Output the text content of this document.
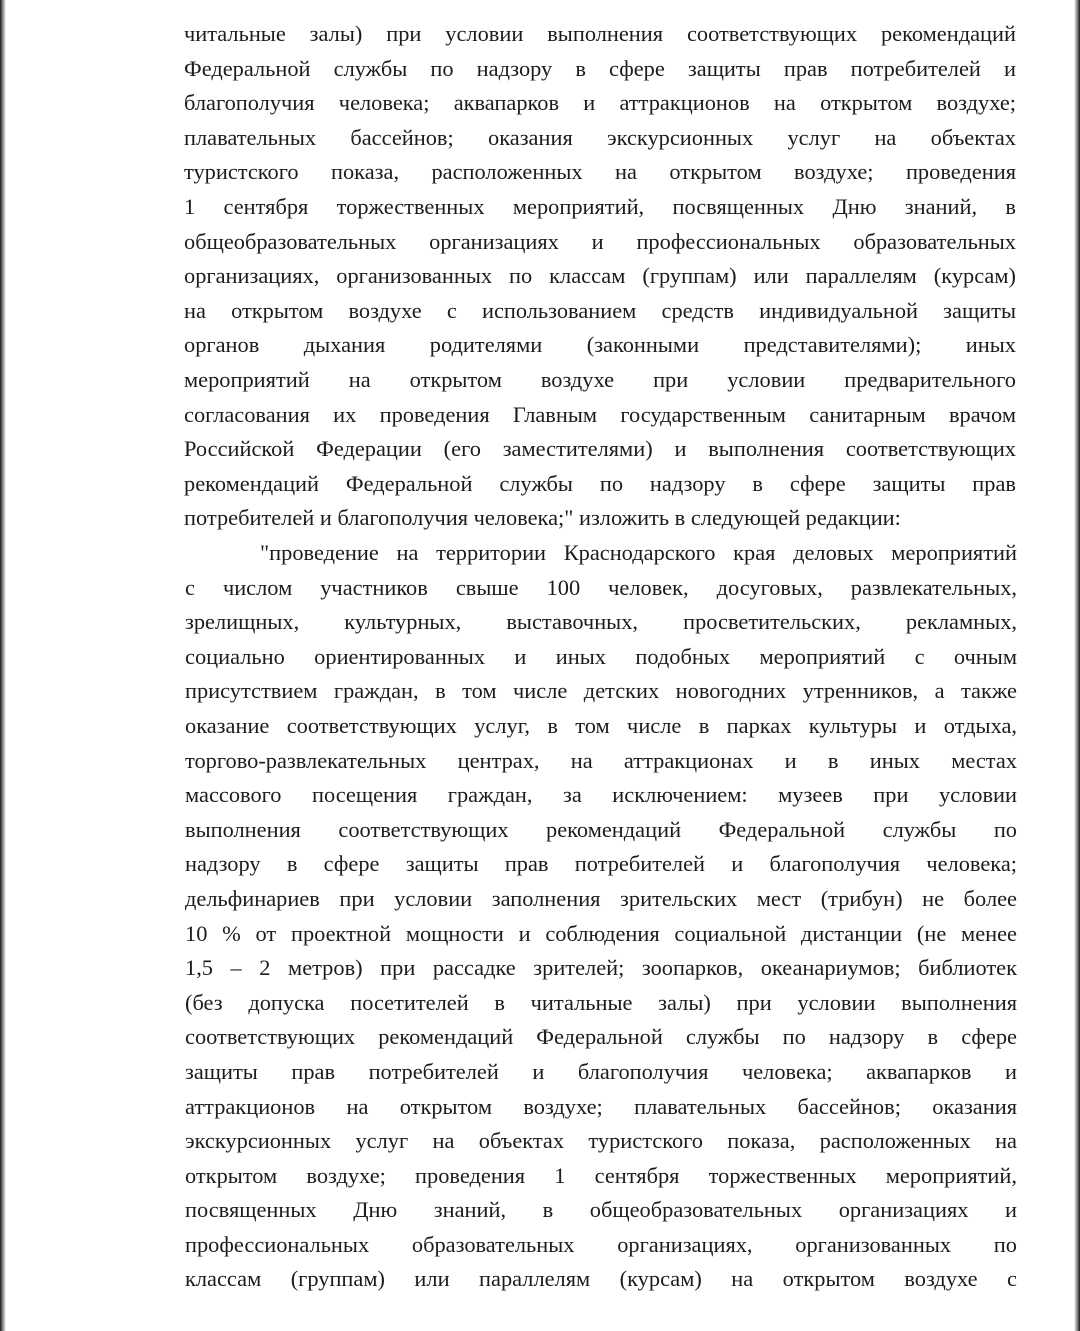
читальные залы) при условии выполнения соответствующих рекомендаций
Федеральной службы по надзору в сфере защиты прав потребителей и
благополучия человека; аквапарков и аттракционов на открытом воздухе;
плавательных бассейнов; оказания экскурсионных услуг на объектах
туристского показа, расположенных на открытом воздухе; проведения
1 сентября торжественных мероприятий, посвященных Дню знаний, в
общеобразовательных организациях и профессиональных образовательных
организациях, организованных по классам (группам) или параллелям (курсам)
на открытом воздухе с использованием средств индивидуальной защиты
органов дыхания родителями (законными представителями); иных
мероприятий на открытом воздухе при условии предварительного
согласования их проведения Главным государственным санитарным врачом
Российской Федерации (его заместителями) и выполнения соответствующих
рекомендаций Федеральной службы по надзору в сфере защиты прав
потребителей и благополучия человека;" изложить в следующей редакции:
"проведение на территории Краснодарского края деловых мероприятий
с числом участников свыше 100 человек, досуговых, развлекательных,
зрелищных, культурных, выставочных, просветительских, рекламных,
социально ориентированных и иных подобных мероприятий с очным
присутствием граждан, в том числе детских новогодних утренников, а также
оказание соответствующих услуг, в том числе в парках культуры и отдыха,
торгово-развлекательных центрах, на аттракционах и в иных местах
массового посещения граждан, за исключением: музеев при условии
выполнения соответствующих рекомендаций Федеральной службы по
надзору в сфере защиты прав потребителей и благополучия человека;
дельфинариев при условии заполнения зрительских мест (трибун) не более
10 % от проектной мощности и соблюдения социальной дистанции (не менее
1,5 – 2 метров) при рассадке зрителей; зоопарков, океанариумов; библиотек
(без допуска посетителей в читальные залы) при условии выполнения
соответствующих рекомендаций Федеральной службы по надзору в сфере
защиты прав потребителей и благополучия человека; аквапарков и
аттракционов на открытом воздухе; плавательных бассейнов; оказания
экскурсионных услуг на объектах туристского показа, расположенных на
открытом воздухе; проведения 1 сентября торжественных мероприятий,
посвященных Дню знаний, в общеобразовательных организациях и
профессиональных образовательных организациях, организованных по
классам (группам) или параллелям (курсам) на открытом воздухе с
